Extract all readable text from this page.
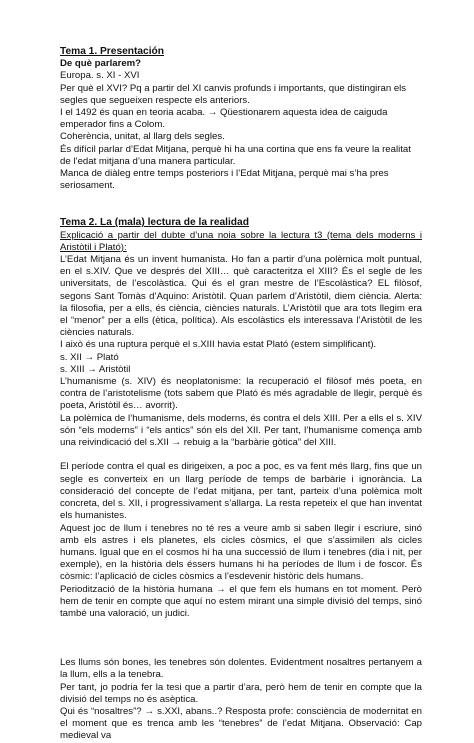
Tema 1. Presentación

De què parlarem?

Europa. s. XI - XVI

Per què el XVI? Pq a partir del XI canvis profunds i importants, que distingiran els segles que segueixen respecte els anteriors.

I el 1492 és quan en teoria acaba. → Qüestionarem aquesta idea de caiguda emperador fins a Colom.

Coherència, unitat, al llarg dels segles.

És difícil parlar d’Edat Mitjana, perquè hi ha una cortina que ens fa veure la realitat de l’edat mitjana d’una manera particular.

Manca de diàleg entre temps posteriors i l’Edat Mitjana, perquè mai s’ha pres seriosament.

Tema 2. La (mala) lectura de la realidad

Explicació a partir del dubte d’una noia sobre la lectura t3 (tema dels moderns i Aristòtil i Plató):

L’Edat Mitjana és un invent humanista. Ho fan a partir d’una polèmica molt puntual, en el s.XIV. Que ve després del XIII… què caracteritza el XIII? És el segle de les universitats, de l’escolàstica. Qui és el gran mestre de l’Escolàstica? EL filòsof, segons Sant Tomàs d’Aquino: Aristòtil. Quan parlem d’Aristòtil, diem ciència. Alerta: la filosofia, per a ells, és ciència, ciències naturals. L’Aristòtil que ara tots llegim era el “menor” per a ells (ètica, política). Als escolàstics els interessava l’Aristòtil de les ciències naturals.

I això és una ruptura perquè el s.XIII havia estat Plató (estem simplificant).

s. XII → Plató

s. XIII → Aristòtil

L’humanisme (s. XIV) és neoplatonisme: la recuperació el filòsof més poeta, en contra de l’aristotelisme (tots sabem que Plató és més agradable de llegir, perquè és poeta, Aristòtil és… avorrit).

La polèmica de l’humanisme, dels moderns, és contra el dels XIII. Per a ells el s. XIV són “els moderns” i “els antics” són els del XII. Per tant, l’humanisme comença amb una reivindicació del s.XII → rebuig a la “barbàrie gòtica” del XIII.

El període contra el qual es dirigeixen, a poc a poc, es va fent més llarg, fins que un segle es converteix en un llarg període de temps de barbàrie i ignorància. La consideració del concepte de l’edat mitjana, per tant, parteix d’una polèmica molt concreta, del s. XII, i progressivament s’allarga. La resta repeteix el que han inventat els humanistes.

Aquest joc de llum i tenebres no té res a veure amb si saben llegir i escriure, sinó amb els astres i els planetes, els cicles còsmics, el que s’assimilen als cicles humans. Igual que en el cosmos hi ha una successió de llum i tenebres (dia i nit, per exemple), en la història dels éssers humans hi ha períodes de llum i de foscor. És còsmic: l’aplicació de cicles còsmics a l’esdevenir històric dels humans.

Periodització de la història humana → el que fem els humans en tot moment. Però hem de tenir en compte que aquí no estem mirant una simple divisió del temps, sinó també una valoració, un judici.

Les llums són bones, les tenebres són dolentes. Evidentment nosaltres pertanyem a la llum, ells a la tenebra.

Per tant, jo podria fer la tesi que a partir d’ara, però hem de tenir en compte que la divisió del temps no és asèptica.

Qui és “nosaltres”? → s.XXI, abans..? Resposta profe: consciència de modernitat en el moment que es trenca amb les “tenebres” de l’edat Mitjana. Observació: Cap medieval va
